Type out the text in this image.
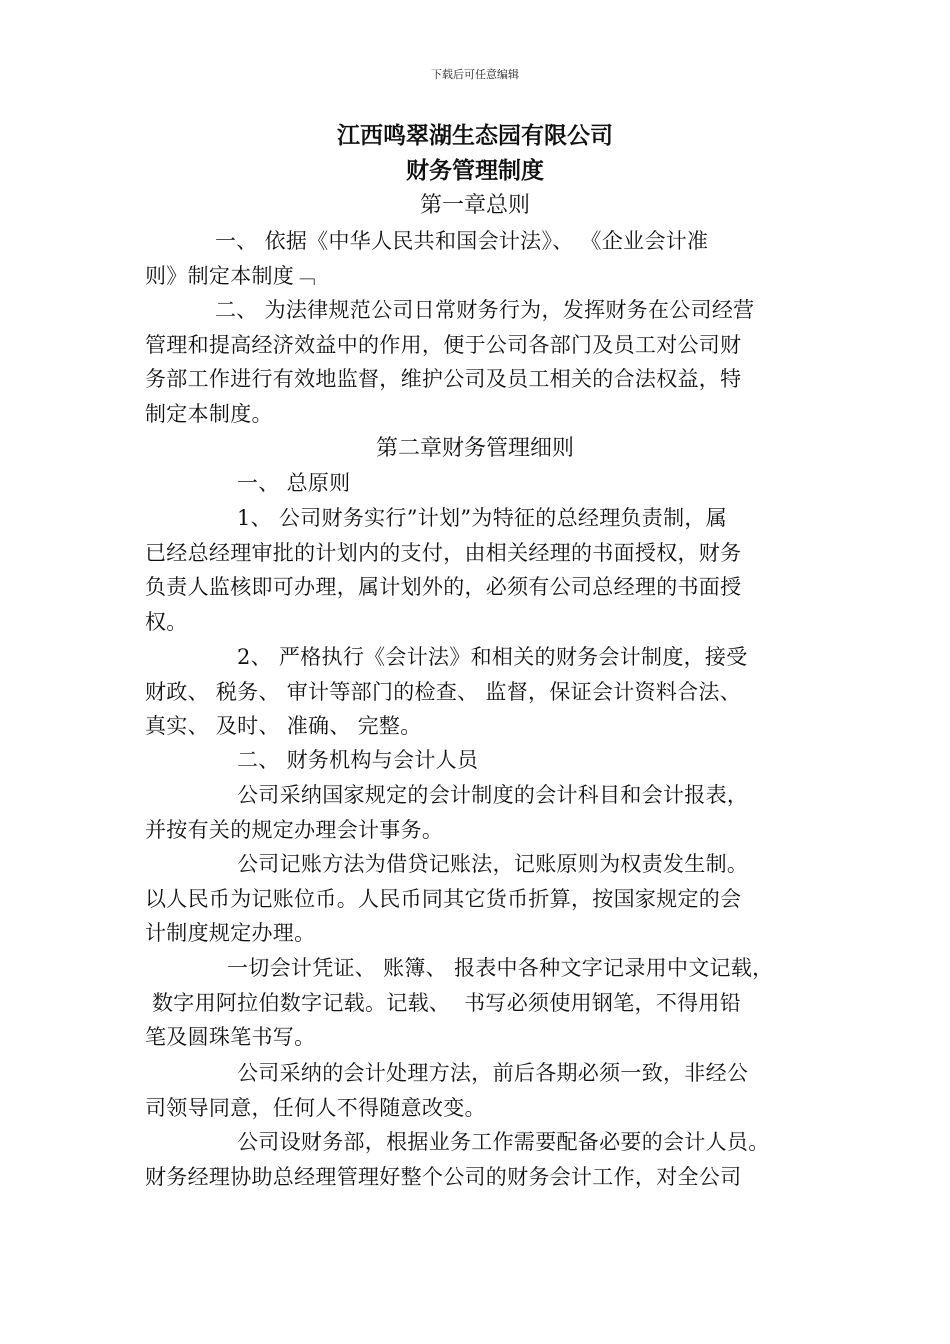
下载后可任意编辑
江西鸣翠湖生态园有限公司
财务管理制度
第一章总则
一、 依据《中华人民共和国会计法》、 《企业会计准
则》制定本制度﹁
二、 为法律规范公司日常财务行为，发挥财务在公司经营
管理和提高经济效益中的作用，便于公司各部门及员工对公司财
务部工作进行有效地监督，维护公司及员工相关的合法权益，特
制定本制度。
第二章财务管理细则
一、 总原则
1、 公司财务实行”计划”为特征的总经理负责制，属
已经总经理审批的计划内的支付，由相关经理的书面授权，财务
负责人监核即可办理，属计划外的，必须有公司总经理的书面授
权。
2、 严格执行《会计法》和相关的财务会计制度，接受
财政、 税务、 审计等部门的检查、 监督，保证会计资料合法、
真实、 及时、 准确、 完整。
二、 财务机构与会计人员
公司采纳国家规定的会计制度的会计科目和会计报表，
并按有关的规定办理会计事务。
公司记账方法为借贷记账法，记账原则为权责发生制。
以人民币为记账位币。人民币同其它货币折算，按国家规定的会
计制度规定办理。
一切会计凭证、 账簿、 报表中各种文字记录用中文记载，
数字用阿拉伯数字记载。记载、  书写必须使用钢笔，不得用铅
笔及圆珠笔书写。
公司采纳的会计处理方法，前后各期必须一致，非经公
司领导同意，任何人不得随意改变。
公司设财务部，根据业务工作需要配备必要的会计人员。
财务经理协助总经理管理好整个公司的财务会计工作，对全公司
